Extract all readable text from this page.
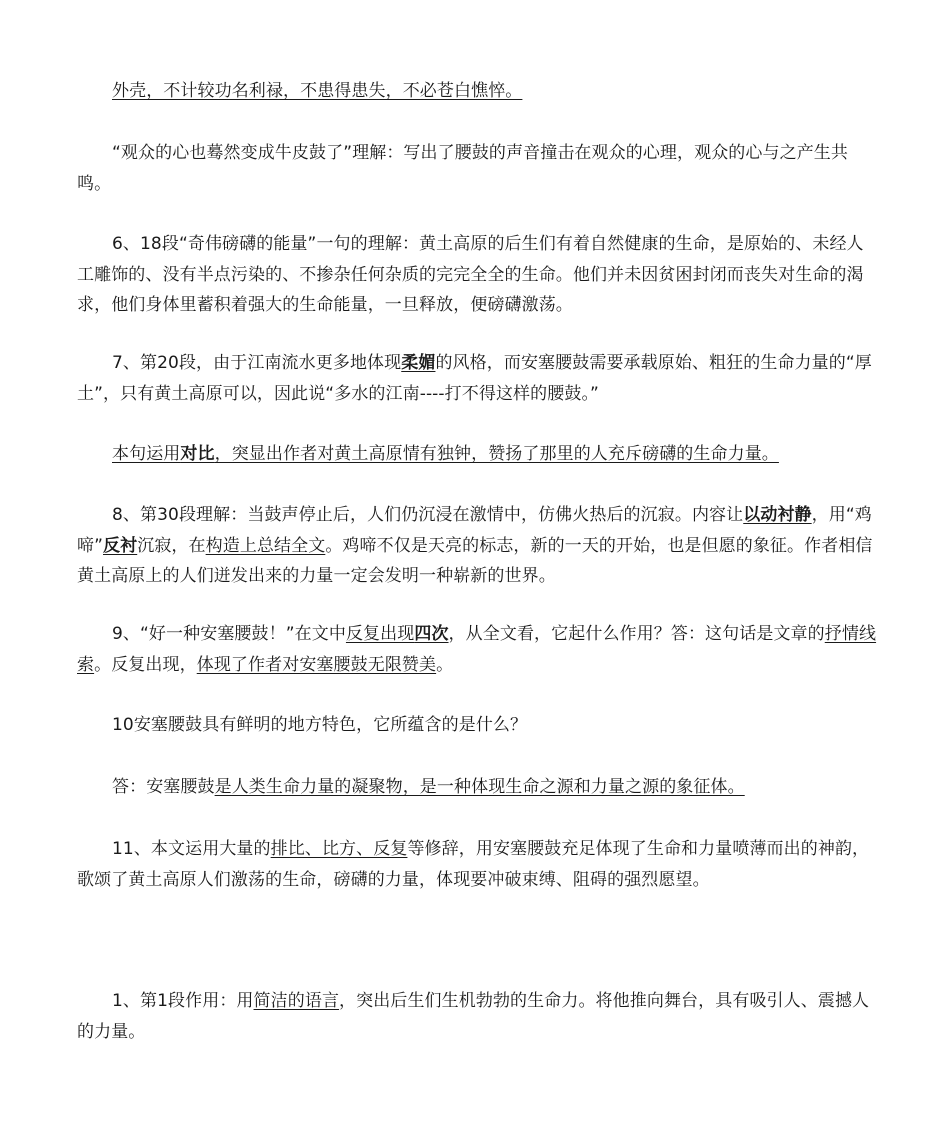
外壳，不计较功名利禄，不患得患失，不必苍白憔悴。

“观众的心也蓦然变成牛皮鼓了”理解：写出了腰鼓的声音撞击在观众的心理，观众的心与之产生共鸣。

6、18段“奇伟磅礴的能量”一句的理解：黄土高原的后生们有着自然健康的生命，是原始的、未经人工雕饰的、没有半点污染的、不掺杂任何杂质的完完全全的生命。他们并未因贫困封闭而丧失对生命的渴求，他们身体里蓄积着强大的生命能量，一旦释放，便磅礴激荡。

7、第20段，由于江南流水更多地体现柔媚的风格，而安塞腰鼓需要承载原始、粗狂的生命力量的“厚土”，只有黄土高原可以，因此说“多水的江南----打不得这样的腰鼓。”

本句运用对比，突显出作者对黄土高原情有独钟，赞扬了那里的人充斥磅礴的生命力量。

8、第30段理解：当鼓声停止后，人们仍沉浸在激情中，仿佛火热后的沉寂。内容让以动衬静，用“鸡啼”反衬沉寂，在构造上总结全文。鸡啼不仅是天亮的标志，新的一天的开始，也是但愿的象征。作者相信黄土高原上的人们迸发出来的力量一定会发明一种崭新的世界。

9、“好一种安塞腰鼓！”在文中反复出现四次，从全文看，它起什么作用？答：这句话是文章的抒情线索。反复出现，体现了作者对安塞腰鼓无限赞美。

10安塞腰鼓具有鲜明的地方特色，它所蕴含的是什么？

答：安塞腰鼓是人类生命力量的凝聚物，是一种体现生命之源和力量之源的象征体。

11、本文运用大量的排比、比方、反复等修辞，用安塞腰鼓充足体现了生命和力量喷薄而出的神韵，歌颂了黄土高原人们激荡的生命，磅礴的力量，体现要冲破束缚、阻碍的强烈愿望。

1、第1段作用：用简洁的语言，突出后生们生机勃勃的生命力。将他推向舞台，具有吸引人、震撼人的力量。
